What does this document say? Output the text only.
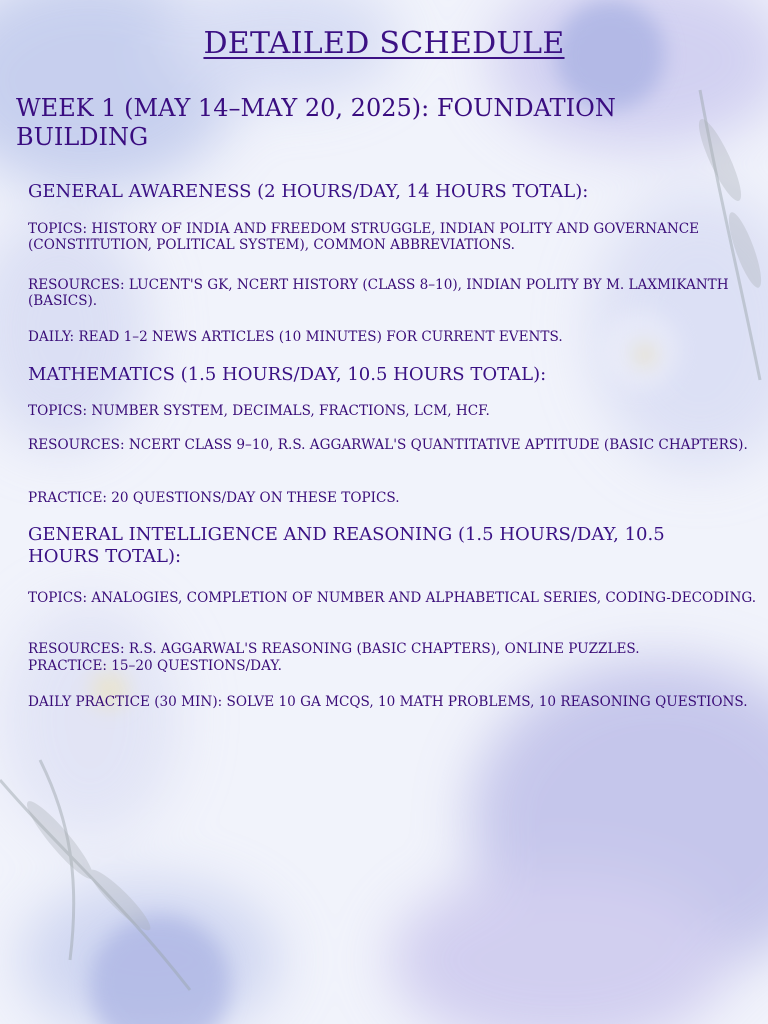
DETAILED SCHEDULE
WEEK 1 (MAY 14–MAY 20, 2025): FOUNDATION BUILDING
GENERAL AWARENESS (2 HOURS/DAY, 14 HOURS TOTAL):

TOPICS: HISTORY OF INDIA AND FREEDOM STRUGGLE, INDIAN POLITY AND GOVERNANCE (CONSTITUTION, POLITICAL SYSTEM), COMMON ABBREVIATIONS.

RESOURCES: LUCENT'S GK, NCERT HISTORY (CLASS 8–10), INDIAN POLITY BY M. LAXMIKANTH (BASICS).

DAILY: READ 1–2 NEWS ARTICLES (10 MINUTES) FOR CURRENT EVENTS.

MATHEMATICS (1.5 HOURS/DAY, 10.5 HOURS TOTAL):

TOPICS: NUMBER SYSTEM, DECIMALS, FRACTIONS, LCM, HCF.

RESOURCES: NCERT CLASS 9–10, R.S. AGGARWAL'S QUANTITATIVE APTITUDE (BASIC CHAPTERS).

PRACTICE: 20 QUESTIONS/DAY ON THESE TOPICS.

GENERAL INTELLIGENCE AND REASONING (1.5 HOURS/DAY, 10.5 HOURS TOTAL):

TOPICS: ANALOGIES, COMPLETION OF NUMBER AND ALPHABETICAL SERIES, CODING-DECODING.

RESOURCES: R.S. AGGARWAL'S REASONING (BASIC CHAPTERS), ONLINE PUZZLES.

PRACTICE: 15–20 QUESTIONS/DAY.

DAILY PRACTICE (30 MIN): SOLVE 10 GA MCQS, 10 MATH PROBLEMS, 10 REASONING QUESTIONS.
